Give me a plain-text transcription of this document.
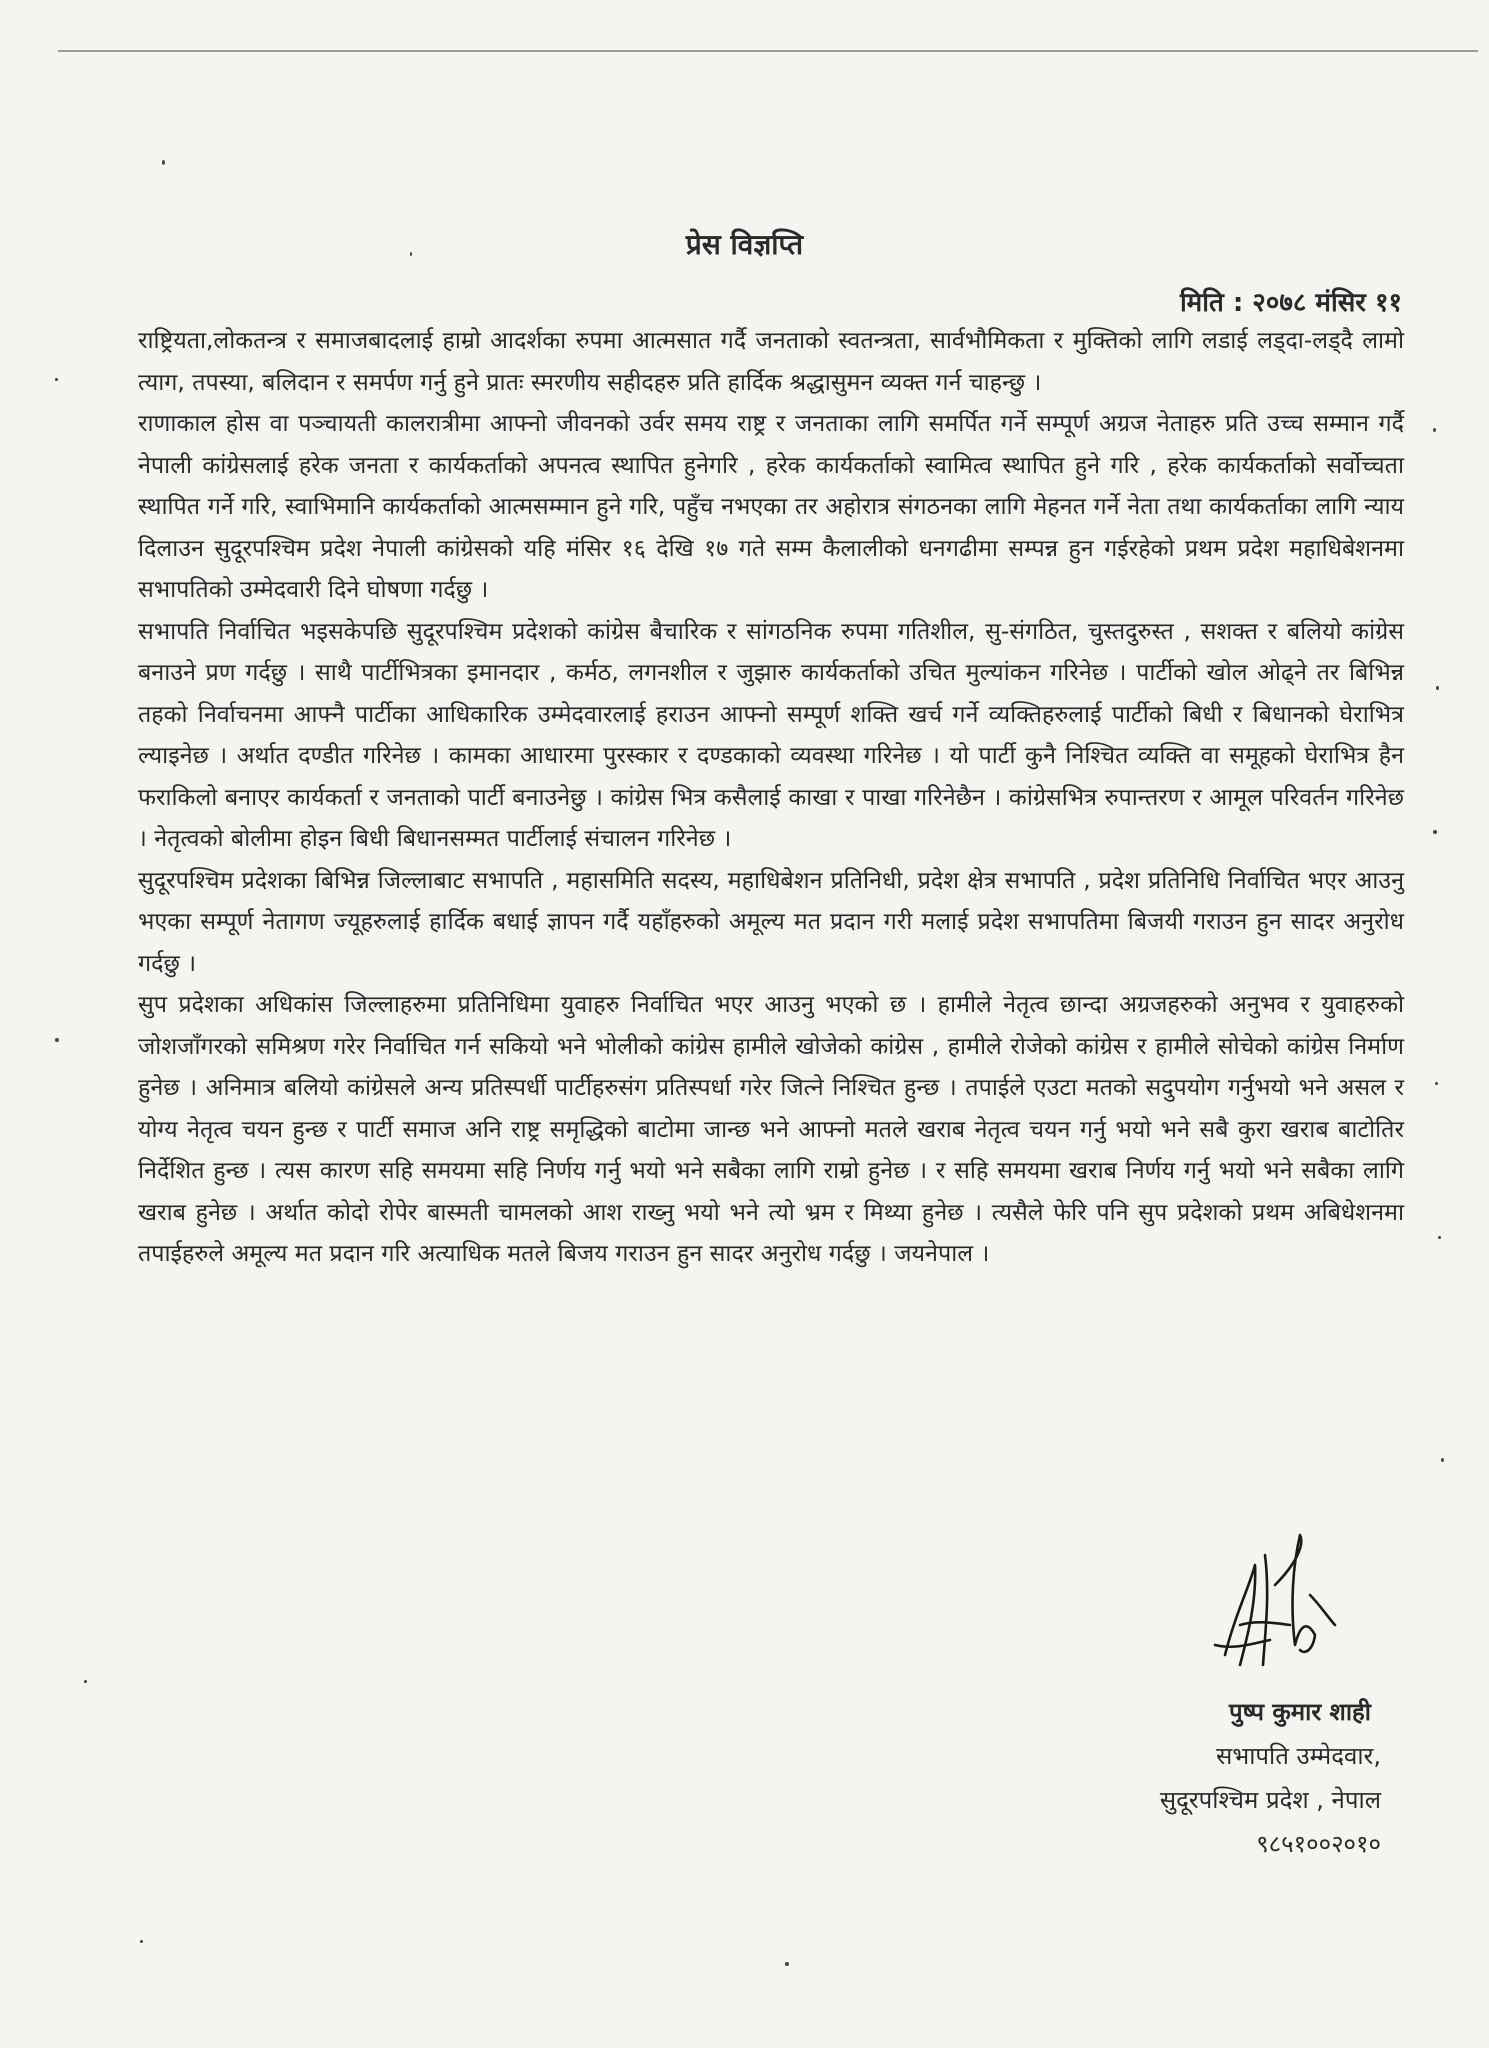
प्रेस विज्ञप्ति
मिति : २०७८ मंसिर ११

राष्ट्रियता,लोकतन्त्र र समाजबादलाई हाम्रो आदर्शका रुपमा आत्मसात गर्दै जनताको स्वतन्त्रता, सार्वभौमिकता र मुक्तिको लागि लडाई लड्दा-लड्दै लामो त्याग, तपस्या, बलिदान र समर्पण गर्नु हुने प्रातः स्मरणीय सहीदहरु प्रति हार्दिक श्रद्धासुमन व्यक्त गर्न चाहन्छु ।

राणाकाल होस वा पञ्चायती कालरात्रीमा आफ्नो जीवनको उर्वर समय राष्ट्र र जनताका लागि समर्पित गर्ने सम्पूर्ण अग्रज नेताहरु प्रति उच्च सम्मान गर्दै नेपाली कांग्रेसलाई हरेक जनता र कार्यकर्ताको अपनत्व स्थापित हुनेगरि , हरेक कार्यकर्ताको स्वामित्व स्थापित हुने गरि , हरेक कार्यकर्ताको सर्वोच्चता स्थापित गर्ने गरि, स्वाभिमानि कार्यकर्ताको आत्मसम्मान हुने गरि, पहुँच नभएका तर अहोरात्र संगठनका लागि मेहनत गर्ने नेता तथा कार्यकर्ताका लागि न्याय दिलाउन सुदूरपश्चिम प्रदेश नेपाली कांग्रेसको यहि मंसिर १६ देखि १७ गते सम्म कैलालीको धनगढीमा सम्पन्न हुन गईरहेको प्रथम प्रदेश महाधिबेशनमा सभापतिको उम्मेदवारी दिने घोषणा गर्दछु ।

सभापति निर्वाचित भइसकेपछि सुदूरपश्चिम प्रदेशको कांग्रेस बैचारिक र सांगठनिक रुपमा गतिशील, सु-संगठित, चुस्तदुरुस्त , सशक्त र बलियो कांग्रेस बनाउने प्रण गर्दछु । साथै पार्टीभित्रका इमानदार , कर्मठ, लगनशील र जुझारु कार्यकर्ताको उचित मुल्यांकन गरिनेछ । पार्टीको खोल ओढ्ने तर बिभिन्न तहको निर्वाचनमा आफ्नै पार्टीका आधिकारिक उम्मेदवारलाई हराउन आफ्नो सम्पूर्ण शक्ति खर्च गर्ने व्यक्तिहरुलाई पार्टीको बिधी र बिधानको घेराभित्र ल्याइनेछ । अर्थात दण्डीत गरिनेछ । कामका आधारमा पुरस्कार र दण्डकाको व्यवस्था गरिनेछ । यो पार्टी कुनै निश्चित व्यक्ति वा समूहको घेराभित्र हैन फराकिलो बनाएर कार्यकर्ता र जनताको पार्टी बनाउनेछु । कांग्रेस भित्र कसैलाई काखा र पाखा गरिनेछैन । कांग्रेसभित्र रुपान्तरण र आमूल परिवर्तन गरिनेछ । नेतृत्वको बोलीमा होइन बिधी बिधानसम्मत पार्टीलाई संचालन गरिनेछ ।

सुदूरपश्चिम प्रदेशका बिभिन्न जिल्लाबाट सभापति , महासमिति सदस्य, महाधिबेशन प्रतिनिधी, प्रदेश क्षेत्र सभापति , प्रदेश प्रतिनिधि निर्वाचित भएर आउनु भएका सम्पूर्ण नेतागण ज्यूहरुलाई हार्दिक बधाई ज्ञापन गर्दै यहाँहरुको अमूल्य मत प्रदान गरी मलाई प्रदेश सभापतिमा बिजयी गराउन हुन सादर अनुरोध गर्दछु ।

सुप प्रदेशका अधिकांस जिल्लाहरुमा प्रतिनिधिमा युवाहरु निर्वाचित भएर आउनु भएको छ । हामीले नेतृत्व छान्दा अग्रजहरुको अनुभव र युवाहरुको जोशजाँगरको समिश्रण गरेर निर्वाचित गर्न सकियो भने भोलीको कांग्रेस हामीले खोजेको कांग्रेस , हामीले रोजेको कांग्रेस र हामीले सोचेको कांग्रेस निर्माण हुनेछ । अनिमात्र बलियो कांग्रेसले अन्य प्रतिस्पर्धी पार्टीहरुसंग प्रतिस्पर्धा गरेर जित्ने निश्चित हुन्छ । तपाईले एउटा मतको सदुपयोग गर्नुभयो भने असल र योग्य नेतृत्व चयन हुन्छ र पार्टी समाज अनि राष्ट्र समृद्धिको बाटोमा जान्छ भने आफ्नो मतले खराब नेतृत्व चयन गर्नु भयो भने सबै कुरा खराब बाटोतिर निर्देशित हुन्छ । त्यस कारण सहि समयमा सहि निर्णय गर्नु भयो भने सबैका लागि राम्रो हुनेछ । र सहि समयमा खराब निर्णय गर्नु भयो भने सबैका लागि खराब हुनेछ । अर्थात कोदो रोपेर बास्मती चामलको आश राख्नु भयो भने त्यो भ्रम र मिथ्या हुनेछ । त्यसैले फेरि पनि सुप प्रदेशको प्रथम अबिधेशनमा तपाईहरुले अमूल्य मत प्रदान गरि अत्याधिक मतले बिजय गराउन हुन सादर अनुरोध गर्दछु । जयनेपाल ।

पुष्प कुमार शाही
सभापति उम्मेदवार,
सुदूरपश्चिम प्रदेश , नेपाल
९८५१००२०१०
